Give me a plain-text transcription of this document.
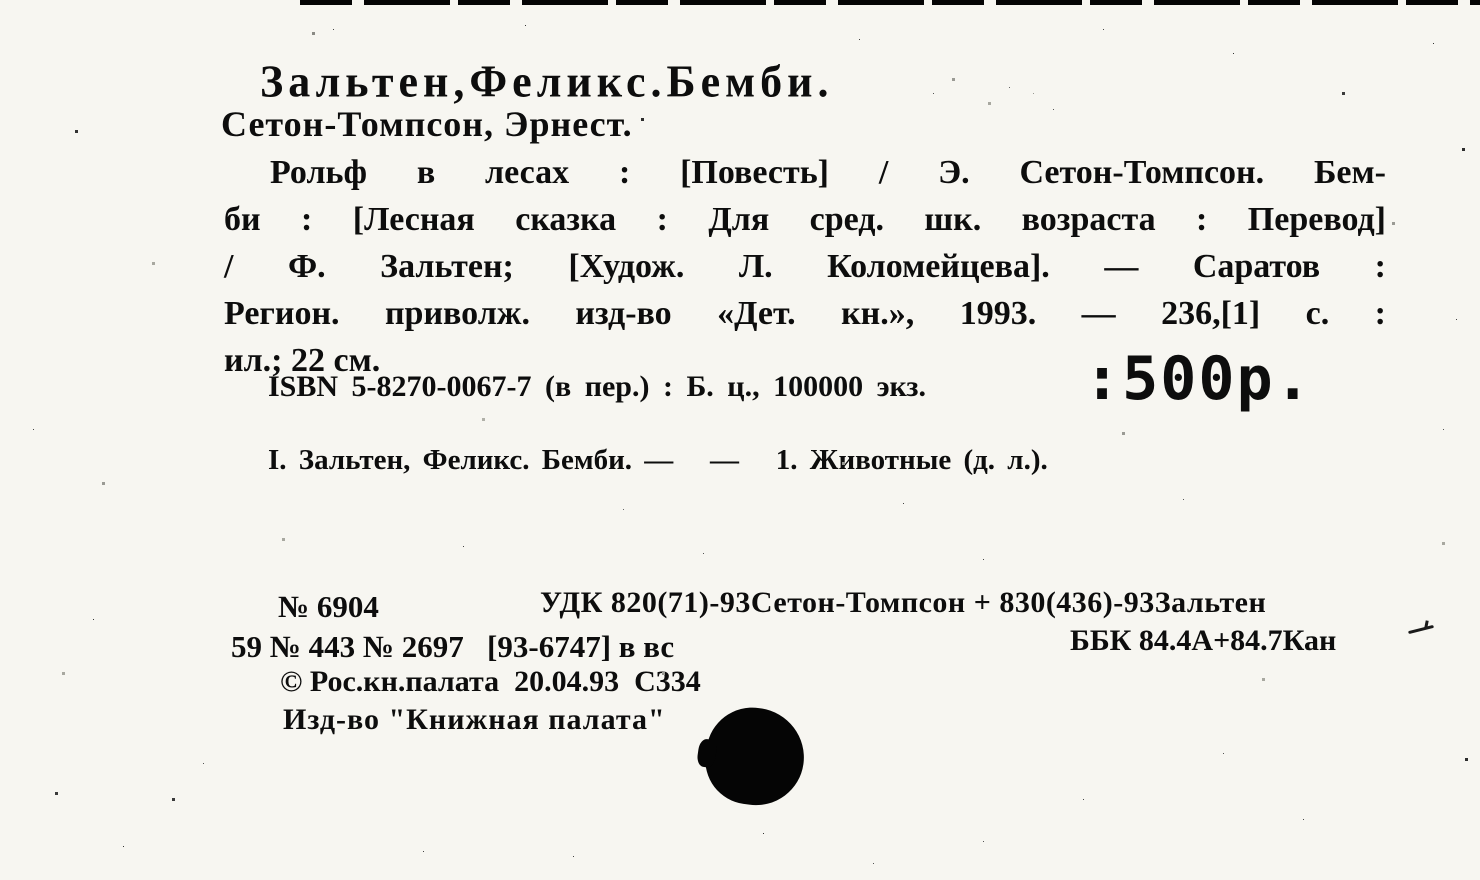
Зальтен,Феликс.Бемби.
Сетон-Томпсон, Эрнест.
Рольф в лесах : [Повесть] / Э. Сетон-Томпсон. Бем-
би : [Лесная сказка : Для сред. шк. возраста : Перевод]
/ Ф. Зальтен; [Худож. Л. Коломейцева]. — Саратов :
Регион. приволж. изд-во «Дет. кн.», 1993. — 236,[1] с. :
ил.; 22 см.
ISBN 5-8270-0067-7 (в пер.) : Б. ц., 100000 экз.	:500р.
I. Зальтен, Феликс. Бемби. —   —   1. Животные (д. л.).
№ 6904	УДК 820(71)-93Сетон-Томпсон + 830(436)-93Зальтен
59 № 443 № 2697   [93-6747] в вс	ББК 84.4А+84.7Кан
© Рос.кн.палата  20.04.93  С334
Изд-во "Книжная палата"
